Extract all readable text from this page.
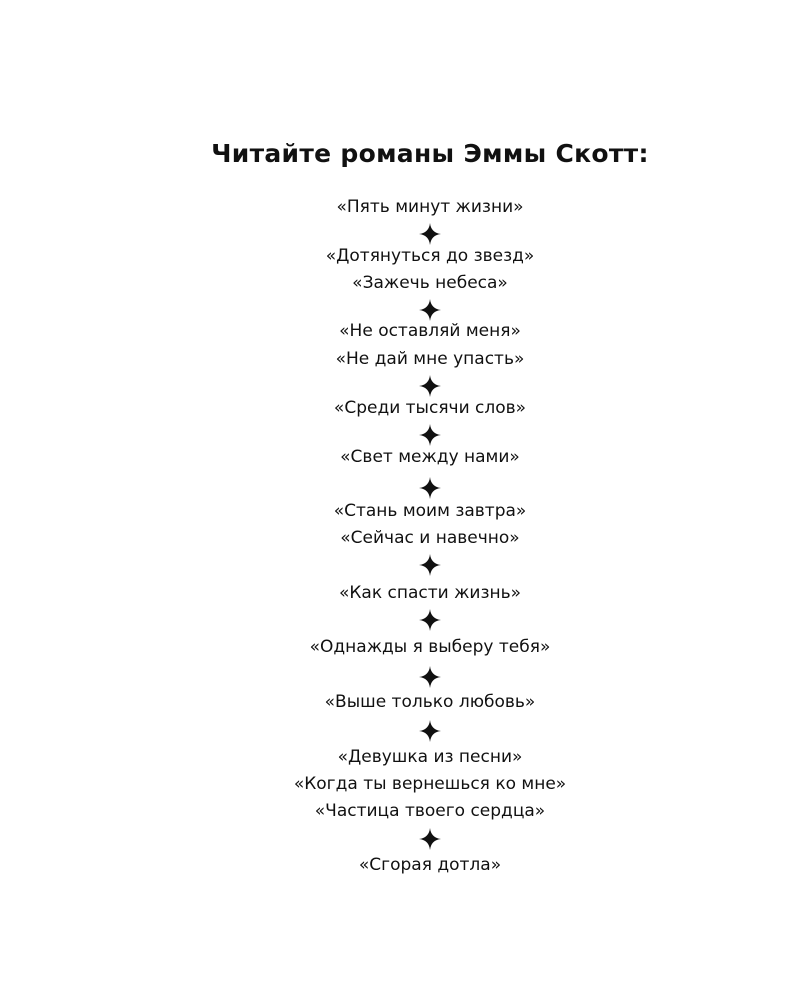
Читайте романы Эммы Скотт:
«Пять минут жизни»
«Дотянуться до звезд»
«Зажечь небеса»
«Не оставляй меня»
«Не дай мне упасть»
«Среди тысячи слов»
«Свет между нами»
«Стань моим завтра»
«Сейчас и навечно»
«Как спасти жизнь»
«Однажды я выберу тебя»
«Выше только любовь»
«Девушка из песни»
«Когда ты вернешься ко мне»
«Частица твоего сердца»
«Сгорая дотла»
